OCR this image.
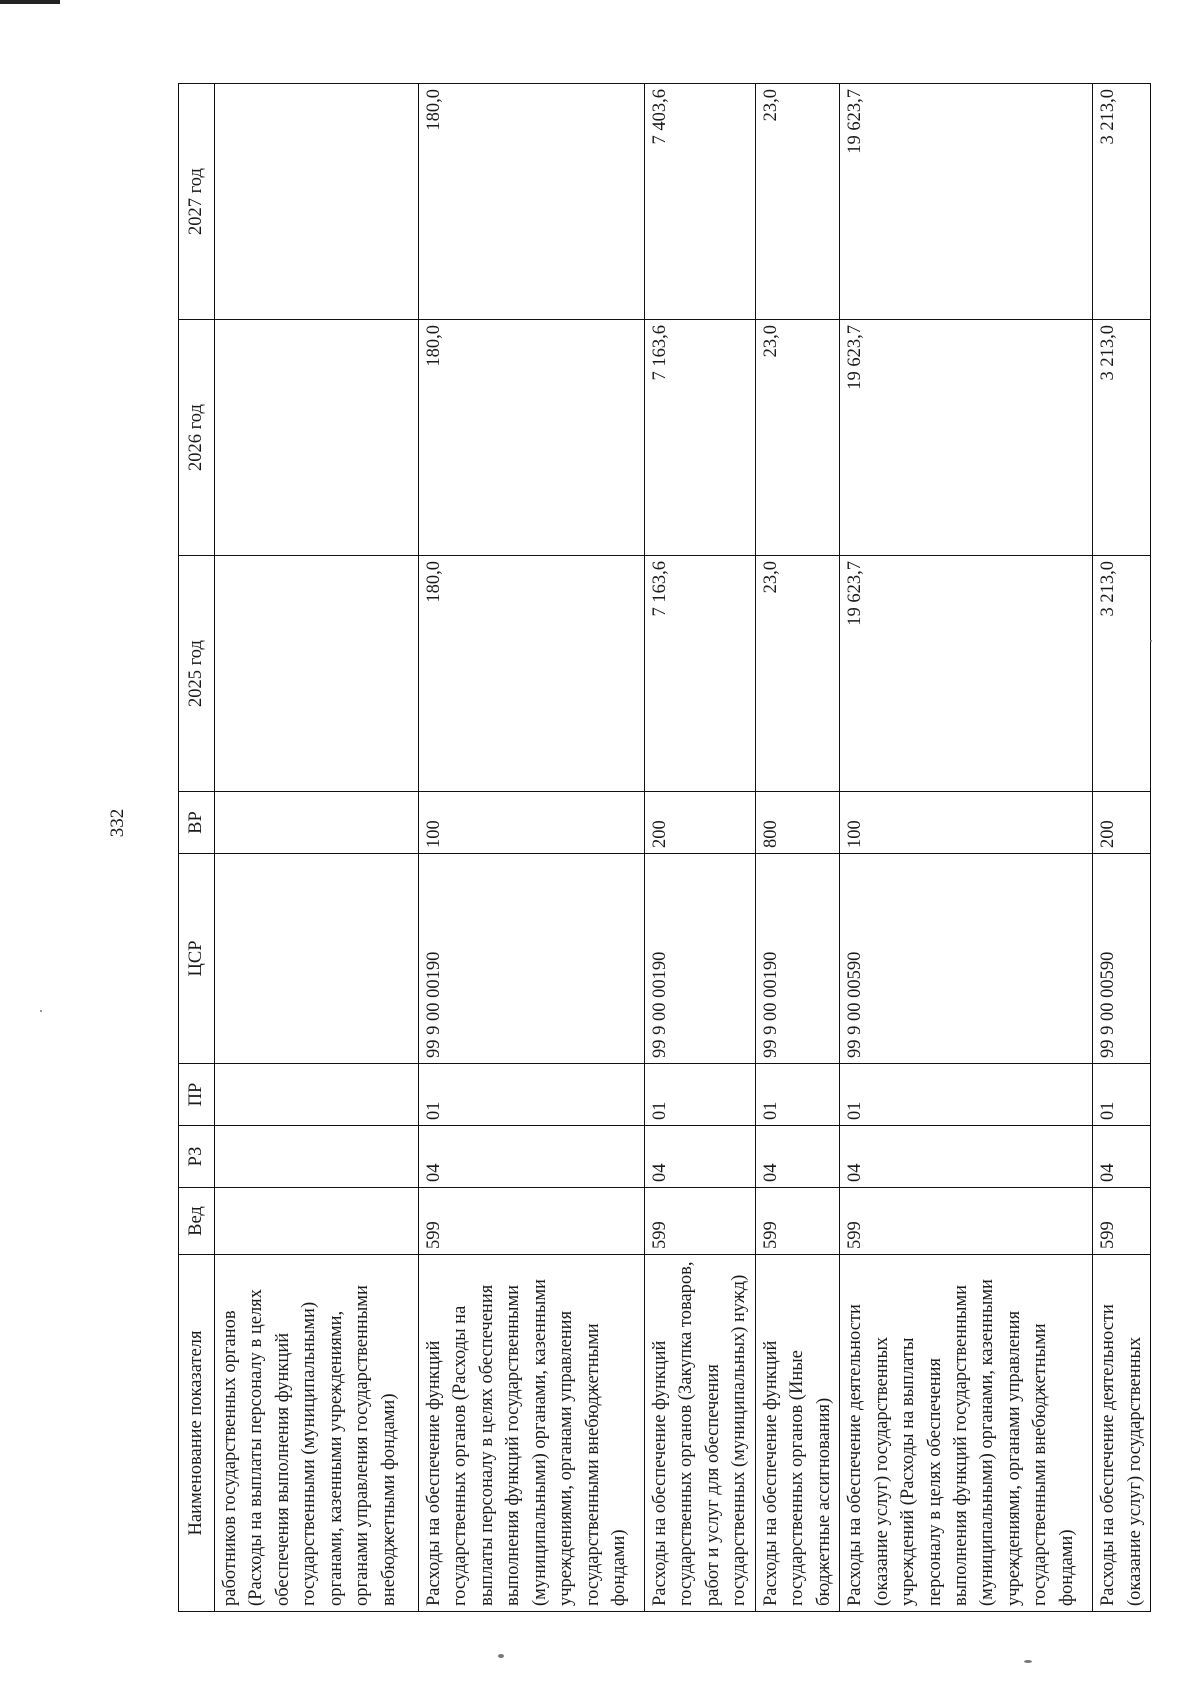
332
Наименование показателя	Вед	РЗ	ПР	ЦСР	ВР	2025 год	2026 год	2027 год
работников государственных органов (Расходы на выплаты персоналу в целях обеспечения выполнения функций государственными (муниципальными) органами, казенными учреждениями, органами управления государственными внебюджетными фондами)								
Расходы на обеспечение функций государственных органов (Расходы на выплаты персоналу в целях обеспечения выполнения функций государственными (муниципальными) органами, казенными учреждениями, органами управления государственными внебюджетными фондами)	599	04	01	99 9 00 00190	100	180,0	180,0	180,0
Расходы на обеспечение функций государственных органов (Закупка товаров, работ и услуг для обеспечения государственных (муниципальных) нужд)	599	04	01	99 9 00 00190	200	7 163,6	7 163,6	7 403,6
Расходы на обеспечение функций государственных органов (Иные бюджетные ассигнования)	599	04	01	99 9 00 00190	800	23,0	23,0	23,0
Расходы на обеспечение деятельности (оказание услуг) государственных учреждений (Расходы на выплаты персоналу в целях обеспечения выполнения функций государственными (муниципальными) органами, казенными учреждениями, органами управления государственными внебюджетными фондами)	599	04	01	99 9 00 00590	100	19 623,7	19 623,7	19 623,7
Расходы на обеспечение деятельности (оказание услуг) государственных	599	04	01	99 9 00 00590	200	3 213,0	3 213,0	3 213,0
